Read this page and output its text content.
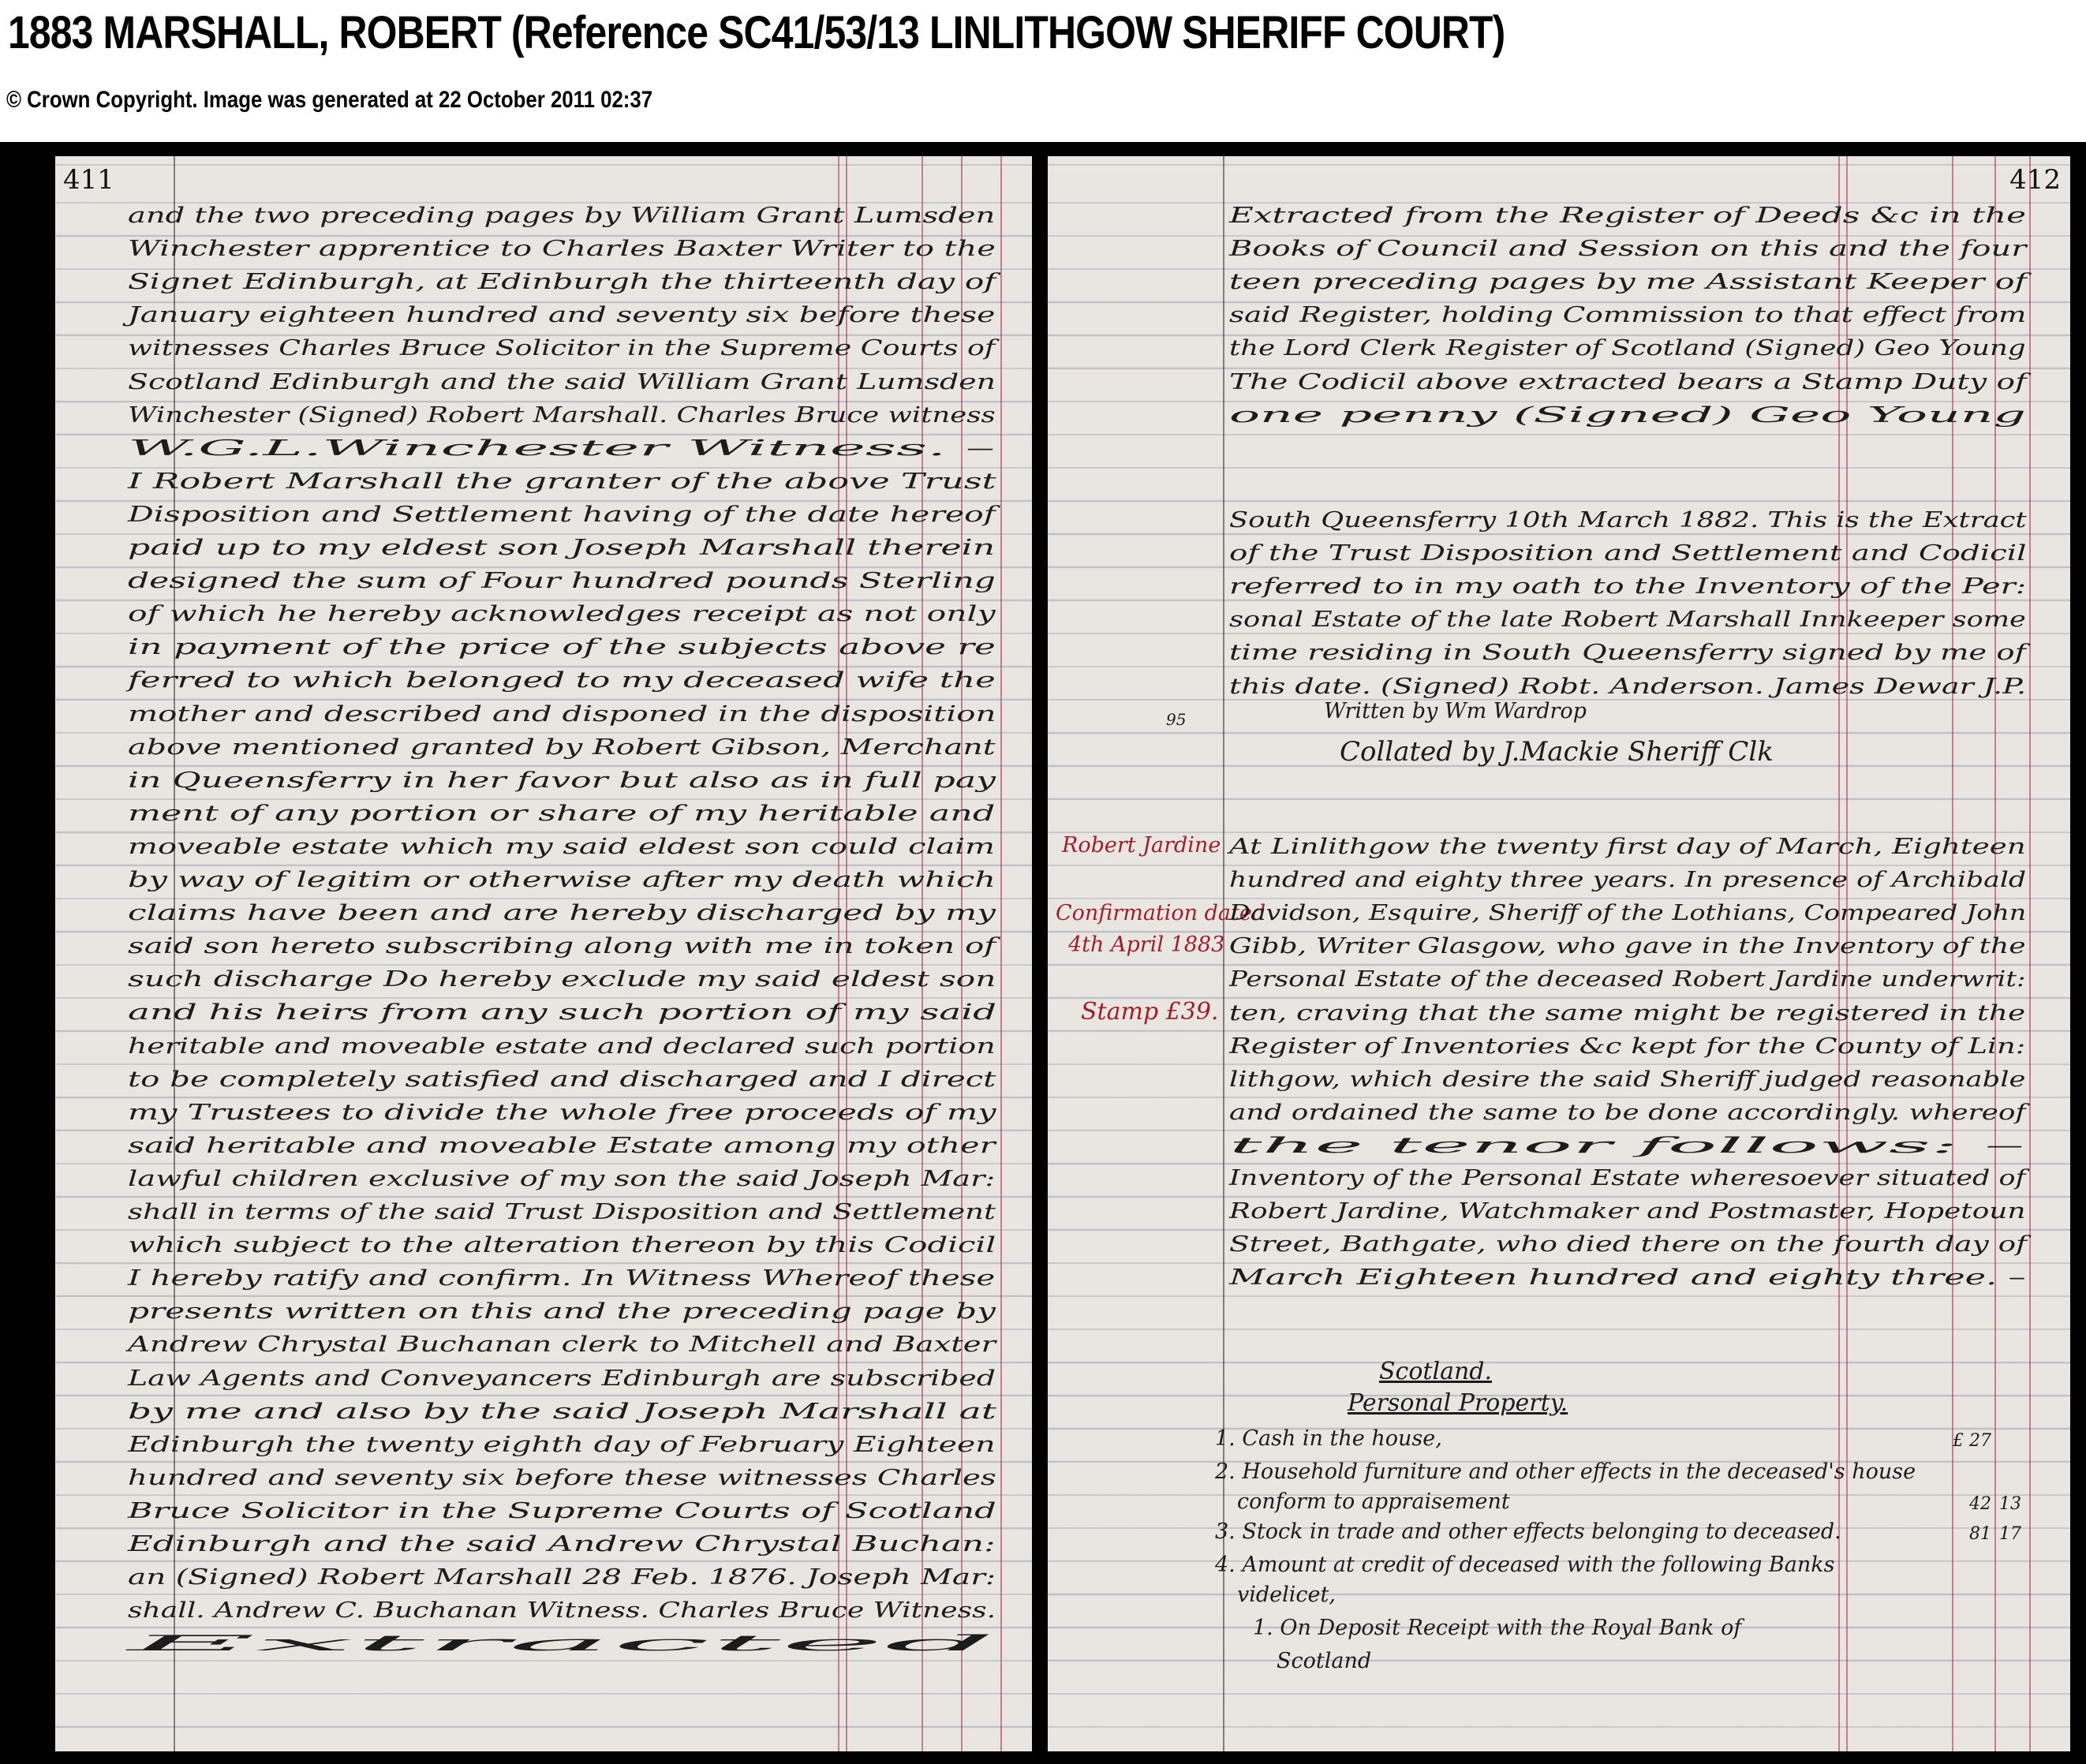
1883 MARSHALL, ROBERT (Reference SC41/53/13 LINLITHGOW SHERIFF COURT)

© Crown Copyright. Image was generated at 22 October 2011 02:37

411
and the two preceding pages by William Grant Lumsden
Winchester apprentice to Charles Baxter Writer to the
Signet Edinburgh, at Edinburgh the thirteenth day of
January eighteen hundred and seventy six before these
witnesses Charles Bruce Solicitor in the Supreme Courts of
Scotland Edinburgh and the said William Grant Lumsden
Winchester (Signed) Robert Marshall. Charles Bruce witness
W.G.L.Winchester Witness. –
I Robert Marshall the granter of the above Trust
Disposition and Settlement having of the date hereof
paid up to my eldest son Joseph Marshall therein
designed the sum of Four hundred pounds Sterling
of which he hereby acknowledges receipt as not only
in payment of the price of the subjects above re
ferred to which belonged to my deceased wife the
mother and described and disponed in the disposition
above mentioned granted by Robert Gibson, Merchant
in Queensferry in her favor but also as in full pay
ment of any portion or share of my heritable and
moveable estate which my said eldest son could claim
by way of legitim or otherwise after my death which
claims have been and are hereby discharged by my
said son hereto subscribing along with me in token of
such discharge Do hereby exclude my said eldest son
and his heirs from any such portion of my said
heritable and moveable estate and declared such portion
to be completely satisfied and discharged and I direct
my Trustees to divide the whole free proceeds of my
said heritable and moveable Estate among my other
lawful children exclusive of my son the said Joseph Mar:
shall in terms of the said Trust Disposition and Settlement
which subject to the alteration thereon by this Codicil
I hereby ratify and confirm. In Witness Whereof these
presents written on this and the preceding page by
Andrew Chrystal Buchanan clerk to Mitchell and Baxter
Law Agents and Conveyancers Edinburgh are subscribed
by me and also by the said Joseph Marshall at
Edinburgh the twenty eighth day of February Eighteen
hundred and seventy six before these witnesses Charles
Bruce Solicitor in the Supreme Courts of Scotland
Edinburgh and the said Andrew Chrystal Buchan:
an (Signed) Robert Marshall 28 Feb. 1876. Joseph Mar:
shall. Andrew C. Buchanan Witness. Charles Bruce Witness.
Extracted
412
Extracted from the Register of Deeds &c in the
Books of Council and Session on this and the four
teen preceding pages by me Assistant Keeper of
said Register, holding Commission to that effect from
the Lord Clerk Register of Scotland (Signed) Geo Young
The Codicil above extracted bears a Stamp Duty of
one penny (Signed) Geo Young
South Queensferry 10th March 1882. This is the Extract
of the Trust Disposition and Settlement and Codicil
referred to in my oath to the Inventory of the Per:
sonal Estate of the late Robert Marshall Innkeeper some
time residing in South Queensferry signed by me of
this date. (Signed) Robt. Anderson. James Dewar J.P.
Written by Wm Wardrop
Collated by J.Mackie Sheriff Clk
95
Robert Jardine
Confirmation dated
4th April 1883
Stamp £39.
At Linlithgow the twenty first day of March, Eighteen
hundred and eighty three years. In presence of Archibald
Davidson, Esquire, Sheriff of the Lothians, Compeared John
Gibb, Writer Glasgow, who gave in the Inventory of the
Personal Estate of the deceased Robert Jardine underwrit:
ten, craving that the same might be registered in the
Register of Inventories &c kept for the County of Lin:
lithgow, which desire the said Sheriff judged reasonable
and ordained the same to be done accordingly. whereof
the tenor follows: –
Inventory of the Personal Estate wheresoever situated of
Robert Jardine, Watchmaker and Postmaster, Hopetoun
Street, Bathgate, who died there on the fourth day of
March Eighteen hundred and eighty three. –
Scotland.
Personal Property.
1. Cash in the house,	£ 27
2. Household furniture and other effects in the deceased's house
conform to appraisement	42 13
3. Stock in trade and other effects belonging to deceased.	81 17
4. Amount at credit of deceased with the following Banks
videlicet,
1. On Deposit Receipt with the Royal Bank of
Scotland
